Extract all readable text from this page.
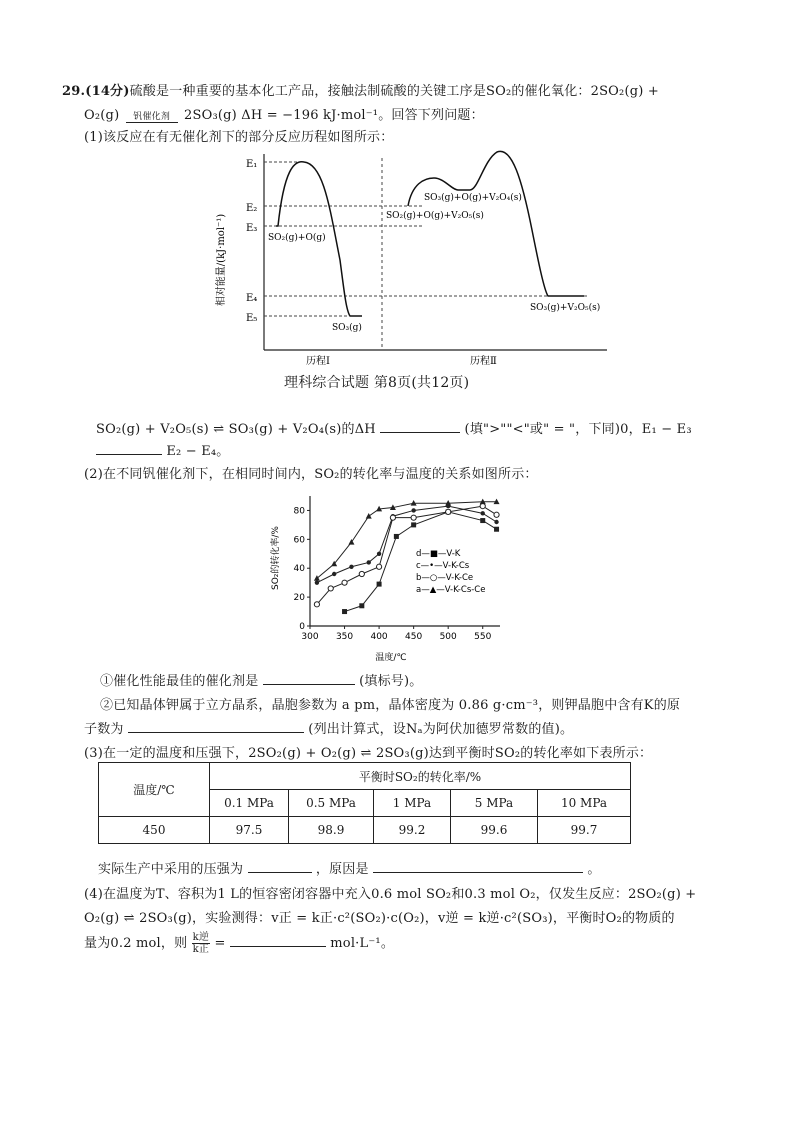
29.(14分)硫酸是一种重要的基本化工产品，接触法制硫酸的关键工序是SO₂的催化氧化：2SO₂(g) +
O₂(g) 钒催化剂 2SO₃(g) ΔH = −196 kJ·mol⁻¹。回答下列问题：
(1)该反应在有无催化剂下的部分反应历程如图所示：
相对能量/(kJ·mol⁻¹)
E₁
E₂
E₃
E₄
E₅
SO₂(g)+O(g)
SO₃(g)
SO₃(g)+O(g)+V₂O₄(s)
SO₂(g)+O(g)+V₂O₅(s)
SO₃(g)+V₂O₅(s)
历程Ⅰ	历程Ⅱ
理科综合试题 第8页(共12页)
SO₂(g) + V₂O₅(s) ⇌ SO₃(g) + V₂O₄(s)的ΔH	(填">""<"或" = "，下同)0，E₁ − E₃
E₂ − E₄。
(2)在不同钒催化剂下，在相同时间内，SO₂的转化率与温度的关系如图所示：
300 350 400 450 500 550
0
20
40
60
80
d—■—V-K
c—•—V-K-Cs
b—○—V-K-Ce
a—▲—V-K-Cs-Ce
SO₂的转化率/%
温度/℃
①催化性能最佳的催化剂是	(填标号)。
②已知晶体钾属于立方晶系，晶胞参数为 a pm，晶体密度为 0.86 g·cm⁻³，则钾晶胞中含有K的原
子数为	(列出计算式，设Nₐ为阿伏加德罗常数的值)。
(3)在一定的温度和压强下，2SO₂(g) + O₂(g) ⇌ 2SO₃(g)达到平衡时SO₂的转化率如下表所示：
温度/℃	平衡时SO₂的转化率/%				
	0.1 MPa	0.5 MPa	1 MPa	5 MPa	10 MPa
450	97.5	98.9	99.2	99.6	99.7
实际生产中采用的压强为	，原因是	。
(4)在温度为T、容积为1 L的恒容密闭容器中充入0.6 mol SO₂和0.3 mol O₂，仅发生反应：2SO₂(g) +
O₂(g) ⇌ 2SO₃(g)，实验测得：v正 = k正·c²(SO₂)·c(O₂)，v逆 = k逆·c²(SO₃)，平衡时O₂的物质的
量为0.2 mol，则 $\frac{\text{k逆}}{\text{k正}}$ =	mol·L⁻¹。
